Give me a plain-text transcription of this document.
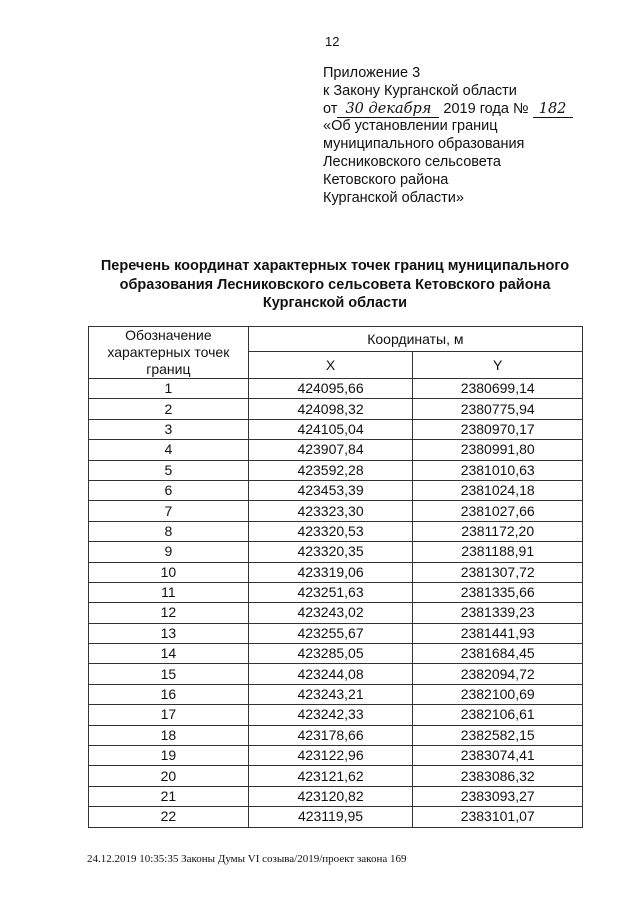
12
Приложение 3
к Закону Курганской области
от 30 декабря 2019 года № 182
«Об установлении границ
муниципального образования
Лесниковского сельсовета
Кетовского района
Курганской области»
Перечень координат характерных точек границ муниципального
образования Лесниковского сельсовета Кетовского района
Курганской области
Обозначение характерных точек границ	Координаты, м	
	X	Y
1	424095,66	2380699,14
2	424098,32	2380775,94
3	424105,04	2380970,17
4	423907,84	2380991,80
5	423592,28	2381010,63
6	423453,39	2381024,18
7	423323,30	2381027,66
8	423320,53	2381172,20
9	423320,35	2381188,91
10	423319,06	2381307,72
11	423251,63	2381335,66
12	423243,02	2381339,23
13	423255,67	2381441,93
14	423285,05	2381684,45
15	423244,08	2382094,72
16	423243,21	2382100,69
17	423242,33	2382106,61
18	423178,66	2382582,15
19	423122,96	2383074,41
20	423121,62	2383086,32
21	423120,82	2383093,27
22	423119,95	2383101,07
24.12.2019 10:35:35 Законы Думы VI созыва/2019/проект закона 169
